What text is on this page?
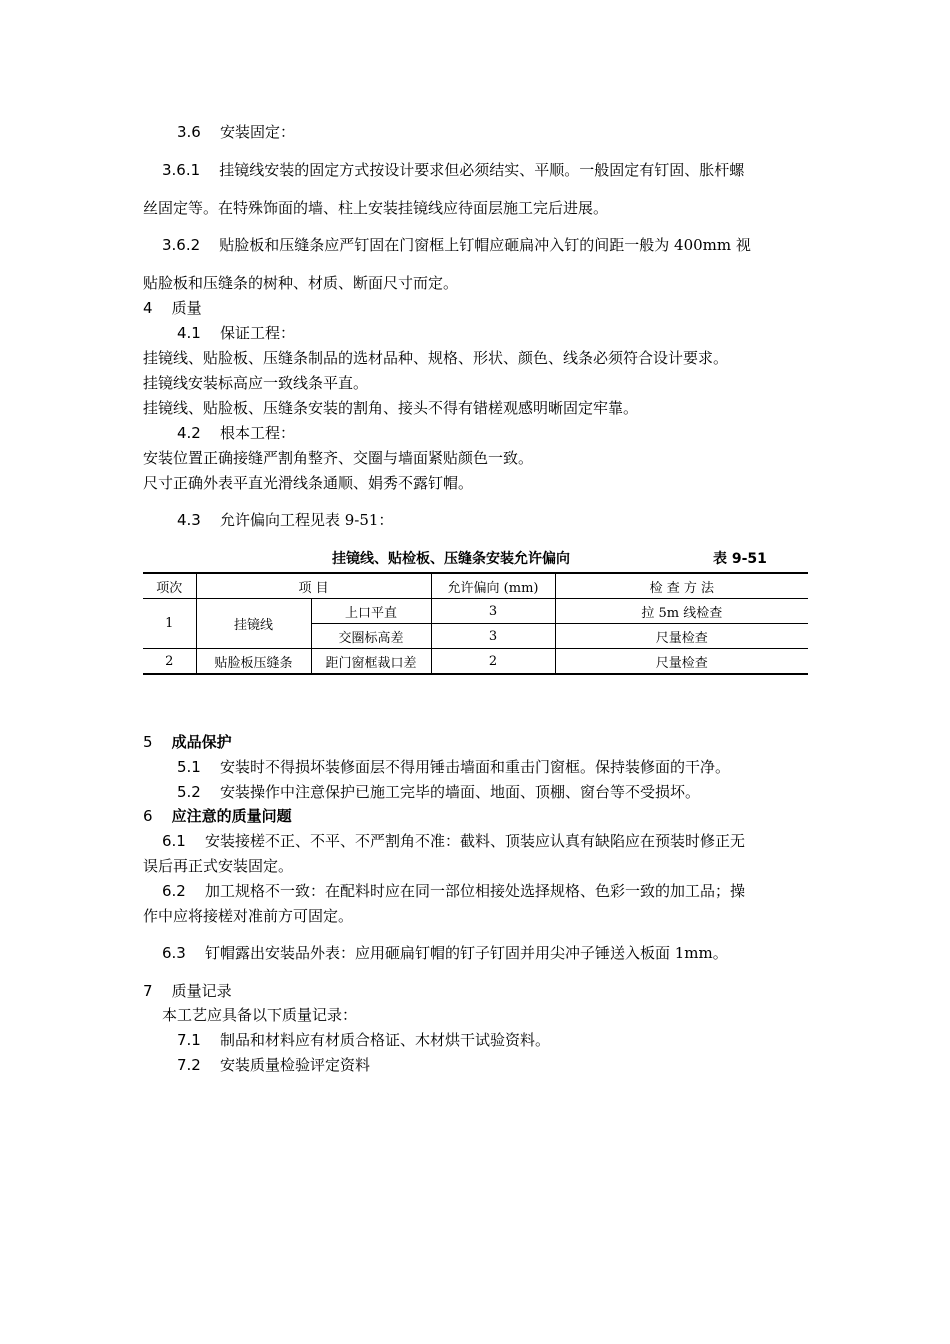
3.6 安装固定：
3.6.1 挂镜线安装的固定方式按设计要求但必须结实、平顺。一般固定有钉固、胀杆螺
丝固定等。在特殊饰面的墙、柱上安装挂镜线应待面层施工完后进展。
3.6.2 贴脸板和压缝条应严钉固在门窗框上钉帽应砸扁冲入钉的间距一般为 400mm 视
贴脸板和压缝条的树种、材质、断面尺寸而定。
4 质量
4.1 保证工程：
挂镜线、贴脸板、压缝条制品的选材品种、规格、形状、颜色、线条必须符合设计要求。
挂镜线安装标高应一致线条平直。
挂镜线、贴脸板、压缝条安装的割角、接头不得有错槎观感明晰固定牢靠。
4.2 根本工程：
安装位置正确接缝严割角整齐、交圈与墙面紧贴颜色一致。
尺寸正确外表平直光滑线条通顺、娟秀不露钉帽。
4.3 允许偏向工程见表 9-51：
挂镜线、贴检板、压缝条安装允许偏向	表 9-51
项次	项 目		允许偏向 (mm)	检 查 方 法
1	挂镜线	上口平直	3	拉 5m 线检查
		交圈标高差	3	尺量检查
2	贴脸板压缝条	距门窗框裁口差	2	尺量检查
5 成品保护
5.1 安装时不得损坏装修面层不得用锤击墙面和重击门窗框。保持装修面的干净。
5.2 安装操作中注意保护已施工完毕的墙面、地面、顶棚、窗台等不受损坏。
6 应注意的质量问题
6.1 安装接槎不正、不平、不严割角不准：截料、顶装应认真有缺陷应在预装时修正无
误后再正式安装固定。
6.2 加工规格不一致：在配料时应在同一部位相接处选择规格、色彩一致的加工品；操
作中应将接槎对准前方可固定。
6.3 钉帽露出安装品外表：应用砸扁钉帽的钉子钉固并用尖冲子锤送入板面 1mm。
7 质量记录
本工艺应具备以下质量记录：
7.1 制品和材料应有材质合格证、木材烘干试验资料。
7.2 安装质量检验评定资料
